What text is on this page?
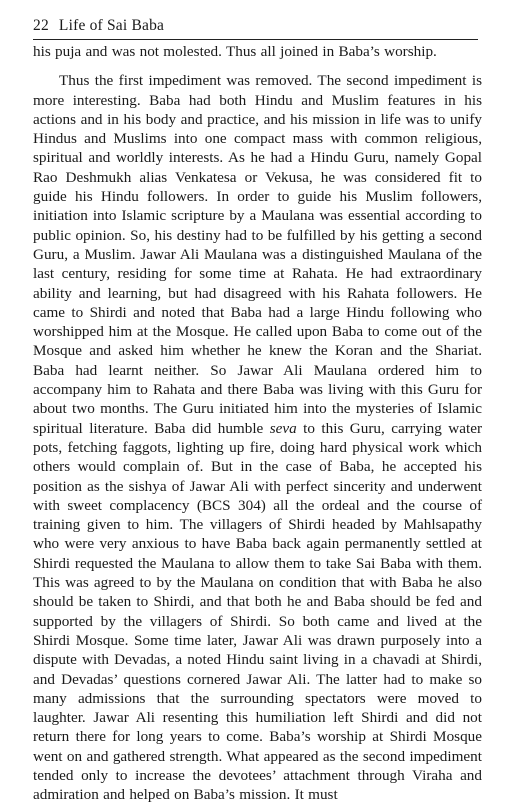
22 Life of Sai Baba

his puja and was not molested. Thus all joined in Baba’s worship.

Thus the first impediment was removed. The second impediment is more interesting. Baba had both Hindu and Muslim features in his actions and in his body and practice, and his mission in life was to unify Hindus and Muslims into one compact mass with common religious, spiritual and worldly interests. As he had a Hindu Guru, namely Gopal Rao Deshmukh alias Venkatesa or Vekusa, he was considered fit to guide his Hindu followers. In order to guide his Muslim followers, initiation into Islamic scripture by a Maulana was essential according to public opinion. So, his destiny had to be fulfilled by his getting a second Guru, a Muslim. Jawar Ali Maulana was a distinguished Maulana of the last century, residing for some time at Rahata. He had extraordinary ability and learning, but had disagreed with his Rahata followers. He came to Shirdi and noted that Baba had a large Hindu following who worshipped him at the Mosque. He called upon Baba to come out of the Mosque and asked him whether he knew the Koran and the Shariat. Baba had learnt neither. So Jawar Ali Maulana ordered him to accompany him to Rahata and there Baba was living with this Guru for about two months. The Guru initiated him into the mysteries of Islamic spiritual literature. Baba did humble seva to this Guru, carrying water pots, fetching faggots, lighting up fire, doing hard physical work which others would complain of. But in the case of Baba, he accepted his position as the sishya of Jawar Ali with perfect sincerity and underwent with sweet complacency (BCS 304) all the ordeal and the course of training given to him. The villagers of Shirdi headed by Mahlsapathy who were very anxious to have Baba back again permanently settled at Shirdi requested the Maulana to allow them to take Sai Baba with them. This was agreed to by the Maulana on condition that with Baba he also should be taken to Shirdi, and that both he and Baba should be fed and supported by the villagers of Shirdi. So both came and lived at the Shirdi Mosque. Some time later, Jawar Ali was drawn purposely into a dispute with Devadas, a noted Hindu saint living in a chavadi at Shirdi, and Devadas’ questions cornered Jawar Ali. The latter had to make so many admissions that the surrounding spectators were moved to laughter. Jawar Ali resenting this humiliation left Shirdi and did not return there for long years to come. Baba’s worship at Shirdi Mosque went on and gathered strength. What appeared as the second impediment tended only to increase the devotees’ attachment through Viraha and admiration and helped on Baba’s mission. It must
